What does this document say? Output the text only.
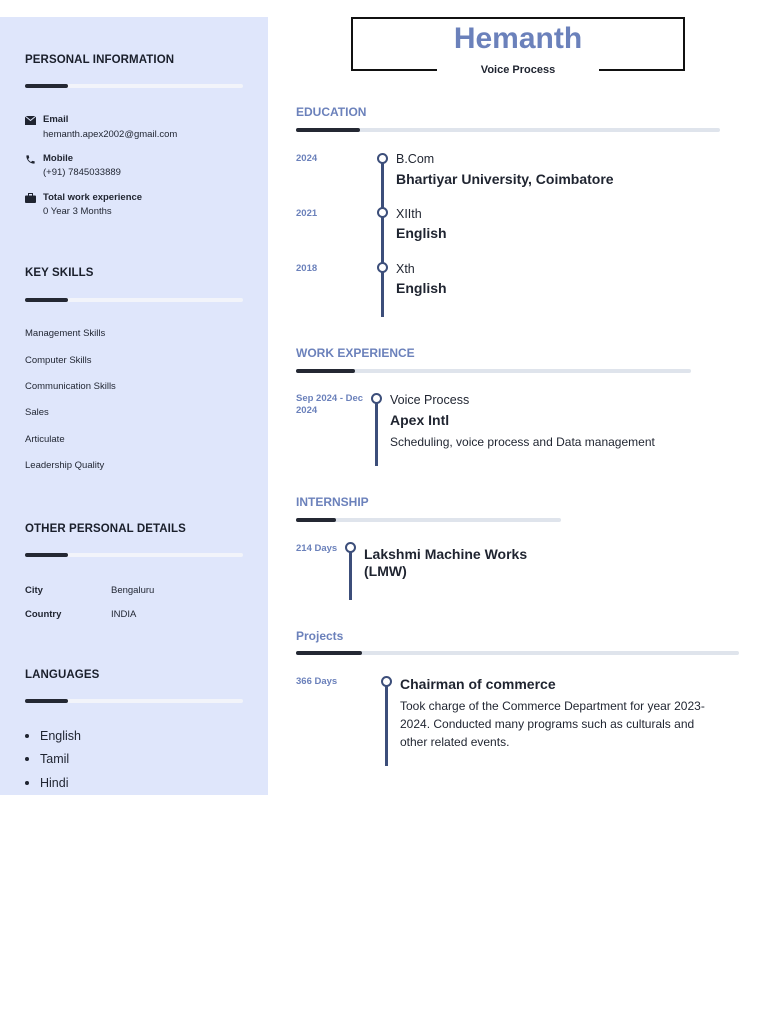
PERSONAL INFORMATION
Email
hemanth.apex2002@gmail.com
Mobile
(+91) 7845033889
Total work experience
0 Year 3 Months
KEY SKILLS
Management Skills
Computer Skills
Communication Skills
Sales
Articulate
Leadership Quality
OTHER PERSONAL DETAILS
City	Bengaluru
Country	INDIA
LANGUAGES
English
Tamil
Hindi
Hemanth
Voice Process
EDUCATION
2024	B.Com
Bhartiyar University, Coimbatore
2021	XIIth
English
2018	Xth
English
WORK EXPERIENCE
Sep 2024 - Dec
2024
Voice Process
Apex Intl
Scheduling, voice process and Data management
INTERNSHIP
214 Days Lakshmi Machine Works
(LMW)
Projects
366 Days	Chairman of commerce
Took charge of the Commerce Department for year 2023-
2024. Conducted many programs such as culturals and
other related events.
